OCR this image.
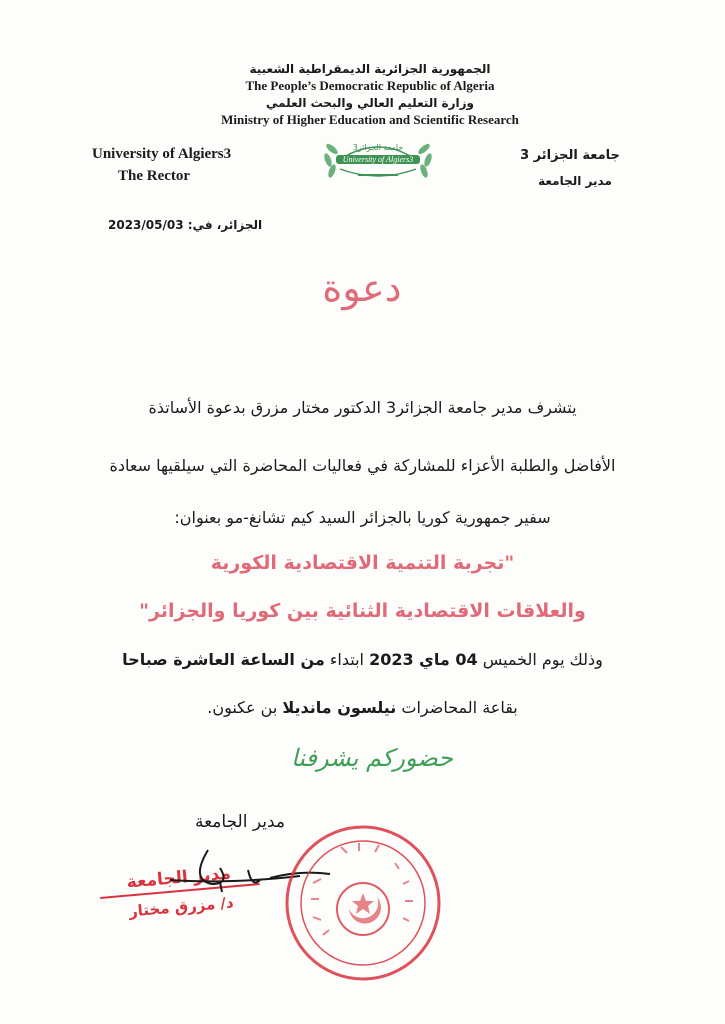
الجمهورية الجزائرية الديمقراطية الشعبية
The People’s Democratic Republic of Algeria
وزارة التعليم العالي والبحث العلمي
Ministry of Higher Education and Scientific Research
University of Algiers3
The Rector
جامعة الجزائر 3
مدير الجامعة
جامعة الجزائر3
University of Algiers3
الجزائر، في: 2023/05/03
دعوة
يتشرف مدير جامعة الجزائر3 الدكتور مختار مزرق بدعوة الأساتذة
الأفاضل والطلبة الأعزاء للمشاركة في فعاليات المحاضرة التي سيلقيها سعادة
سفير جمهورية كوريا بالجزائر السيد كيم تشانغ-مو بعنوان:
"تجربة التنمية الاقتصادية الكورية
والعلاقات الاقتصادية الثنائية بين كوريا والجزائر"
وذلك يوم الخميس 04 ماي 2023 ابتداء من الساعة العاشرة صباحا
بقاعة المحاضرات نيلسون مانديلا بن عكنون.
حضوركم يشرفنا
مدير الجامعة
مدير الجامعة
د/ مزرق مختار
